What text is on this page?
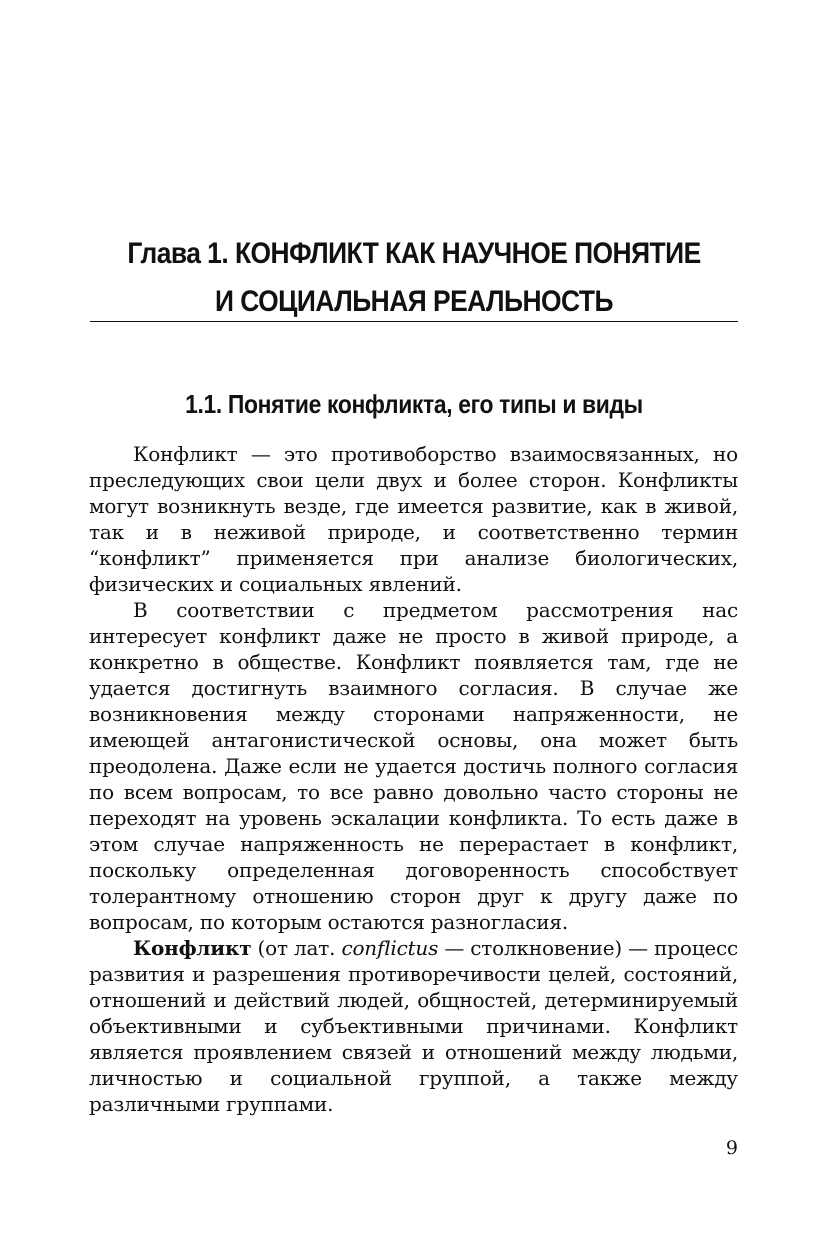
Глава 1. КОНФЛИКТ КАК НАУЧНОЕ ПОНЯТИЕ
И СОЦИАЛЬНАЯ РЕАЛЬНОСТЬ
1.1. Понятие конфликта, его типы и виды

Конфликт — это противоборство взаимосвязанных, но преследующих свои цели двух и более сторон. Конфликты могут возникнуть везде, где имеется развитие, как в живой, так и в неживой природе, и соответственно термин “конфликт” применяется при анализе биологических, физических и социальных явлений.

В соответствии с предметом рассмотрения нас интересует конфликт даже не просто в живой природе, а конкретно в обществе. Конфликт появляется там, где не удается достигнуть взаимного согласия. В случае же возникновения между сторонами напряженности, не имеющей антагонистической основы, она может быть преодолена. Даже если не удается достичь полного согласия по всем вопросам, то все равно довольно часто стороны не переходят на уровень эскалации конфликта. То есть даже в этом случае напряженность не перерастает в конфликт, поскольку определенная договоренность способствует толерантному отношению сторон друг к другу даже по вопросам, по которым остаются разногласия.

Конфликт (от лат. conflictus — столкновение) — процесс развития и разрешения противоречивости целей, состояний, отношений и действий людей, общностей, детерминируемый объективными и субъективными причинами. Конфликт является проявлением связей и отношений между людьми, личностью и социальной группой, а также между различными группами.

9
